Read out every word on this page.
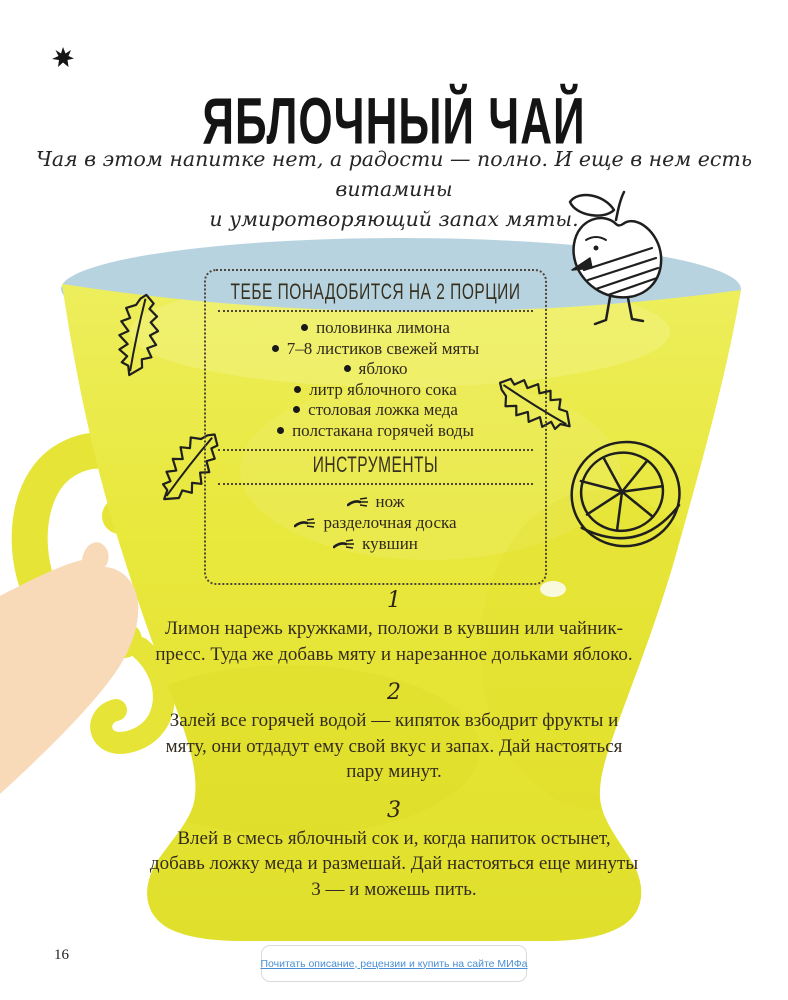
ЯБЛОЧНЫЙ ЧАЙ
Чая в этом напитке нет, а радости — полно. И еще в нем есть витамины
и умиротворяющий запах мяты.
ТЕБЕ ПОНАДОБИТСЯ НА 2 ПОРЦИИ
половинка лимона
7–8 листиков свежей мяты
яблоко
литр яблочного сока
столовая ложка меда
полстакана горячей воды
ИНСТРУМЕНТЫ
нож
разделочная доска
кувшин
1

Лимон нарежь кружками, положи в кувшин или чайник-пресс. Туда же добавь мяту и нарезанное дольками яблоко.

2

Залей все горячей водой — кипяток взбодрит фрукты и мяту, они отдадут ему свой вкус и запах. Дай настояться пару минут.

3

Влей в смесь яблочный сок и, когда напиток остынет, добавь ложку меда и размешай. Дай настояться еще минуты 3 — и можешь пить.

16
Почитать описание, рецензии и купить на сайте МИФа
